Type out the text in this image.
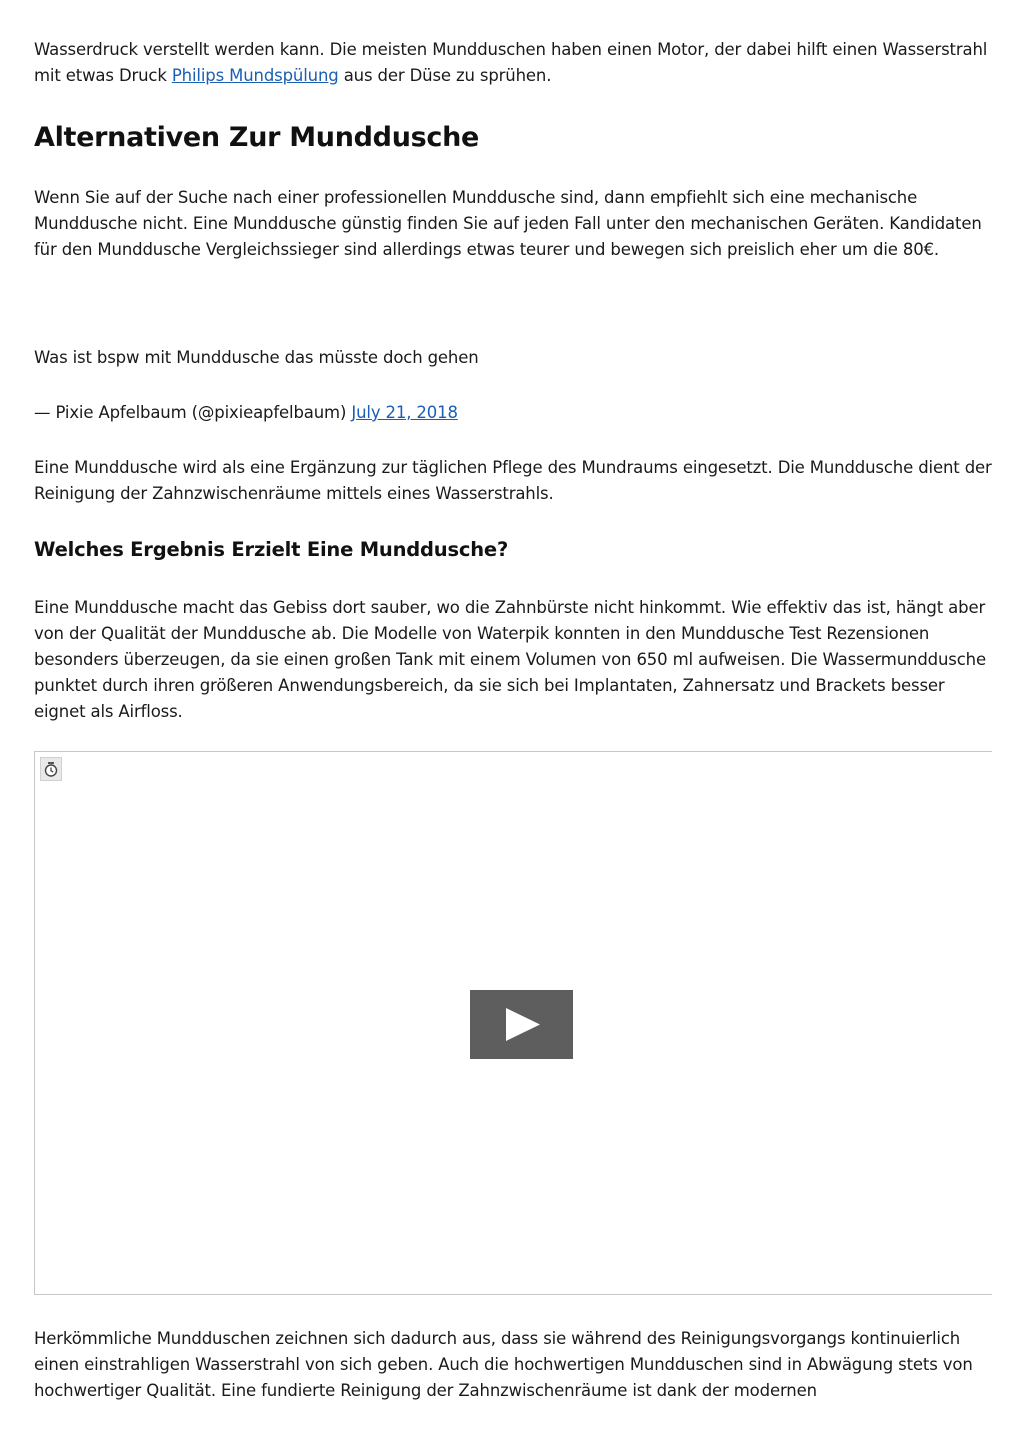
Wasserdruck verstellt werden kann. Die meisten Mundduschen haben einen Motor, der dabei hilft einen Wasserstrahl mit etwas Druck Philips Mundspülung aus der Düse zu sprühen.

Alternativen Zur Munddusche

Wenn Sie auf der Suche nach einer professionellen Munddusche sind, dann empfiehlt sich eine mechanische Munddusche nicht. Eine Munddusche günstig finden Sie auf jeden Fall unter den mechanischen Geräten. Kandidaten für den Munddusche Vergleichssieger sind allerdings etwas teurer und bewegen sich preislich eher um die 80€.

Was ist bspw mit Munddusche das müsste doch gehen

— Pixie Apfelbaum (@pixieapfelbaum) July 21, 2018

Eine Munddusche wird als eine Ergänzung zur täglichen Pflege des Mundraums eingesetzt. Die Munddusche dient der Reinigung der Zahnzwischenräume mittels eines Wasserstrahls.

Welches Ergebnis Erzielt Eine Munddusche?

Eine Munddusche macht das Gebiss dort sauber, wo die Zahnbürste nicht hinkommt. Wie effektiv das ist, hängt aber von der Qualität der Munddusche ab. Die Modelle von Waterpik konnten in den Munddusche Test Rezensionen besonders überzeugen, da sie einen großen Tank mit einem Volumen von 650 ml aufweisen. Die Wassermunddusche punktet durch ihren größeren Anwendungsbereich, da sie sich bei Implantaten, Zahnersatz und Brackets besser eignet als Airfloss.

Herkömmliche Mundduschen zeichnen sich dadurch aus, dass sie während des Reinigungsvorgangs kontinuierlich einen einstrahligen Wasserstrahl von sich geben. Auch die hochwertigen Mundduschen sind in Abwägung stets von hochwertiger Qualität. Eine fundierte Reinigung der Zahnzwischenräume ist dank der modernen
